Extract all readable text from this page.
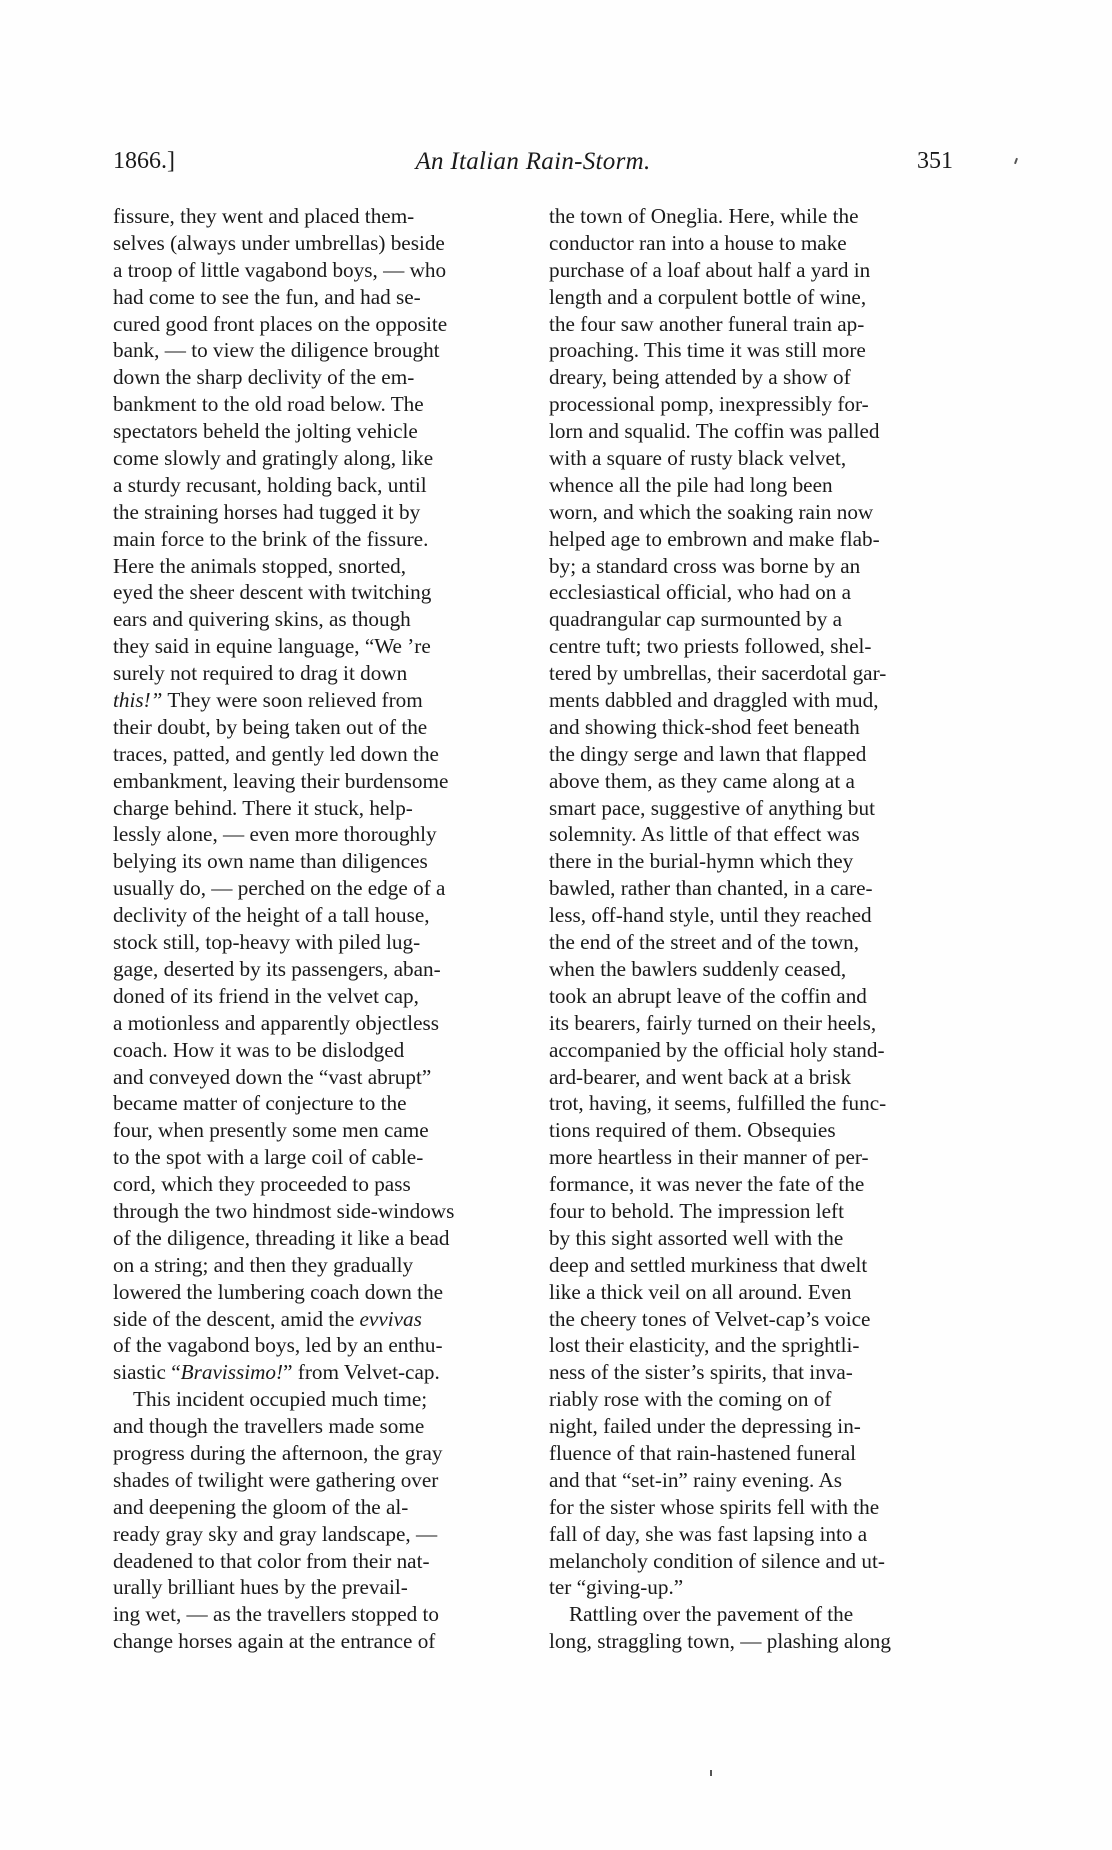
1866.]	An Italian Rain-Storm.	351
fissure, they went and placed them-
selves (always under umbrellas) beside
a troop of little vagabond boys, — who
had come to see the fun, and had se-
cured good front places on the opposite
bank, — to view the diligence brought
down the sharp declivity of the em-
bankment to the old road below. The
spectators beheld the jolting vehicle
come slowly and gratingly along, like
a sturdy recusant, holding back, until
the straining horses had tugged it by
main force to the brink of the fissure.
Here the animals stopped, snorted,
eyed the sheer descent with twitching
ears and quivering skins, as though
they said in equine language, “We ’re
surely not required to drag it down
this!” They were soon relieved from
their doubt, by being taken out of the
traces, patted, and gently led down the
embankment, leaving their burdensome
charge behind. There it stuck, help-
lessly alone, — even more thoroughly
belying its own name than diligences
usually do, — perched on the edge of a
declivity of the height of a tall house,
stock still, top-heavy with piled lug-
gage, deserted by its passengers, aban-
doned of its friend in the velvet cap,
a motionless and apparently objectless
coach. How it was to be dislodged
and conveyed down the “vast abrupt”
became matter of conjecture to the
four, when presently some men came
to the spot with a large coil of cable-
cord, which they proceeded to pass
through the two hindmost side-windows
of the diligence, threading it like a bead
on a string; and then they gradually
lowered the lumbering coach down the
side of the descent, amid the evvivas
of the vagabond boys, led by an enthu-
siastic “Bravissimo!” from Velvet-cap.
This incident occupied much time;
and though the travellers made some
progress during the afternoon, the gray
shades of twilight were gathering over
and deepening the gloom of the al-
ready gray sky and gray landscape, —
deadened to that color from their nat-
urally brilliant hues by the prevail-
ing wet, — as the travellers stopped to
change horses again at the entrance of
the town of Oneglia. Here, while the
conductor ran into a house to make
purchase of a loaf about half a yard in
length and a corpulent bottle of wine,
the four saw another funeral train ap-
proaching. This time it was still more
dreary, being attended by a show of
processional pomp, inexpressibly for-
lorn and squalid. The coffin was palled
with a square of rusty black velvet,
whence all the pile had long been
worn, and which the soaking rain now
helped age to embrown and make flab-
by; a standard cross was borne by an
ecclesiastical official, who had on a
quadrangular cap surmounted by a
centre tuft; two priests followed, shel-
tered by umbrellas, their sacerdotal gar-
ments dabbled and draggled with mud,
and showing thick-shod feet beneath
the dingy serge and lawn that flapped
above them, as they came along at a
smart pace, suggestive of anything but
solemnity. As little of that effect was
there in the burial-hymn which they
bawled, rather than chanted, in a care-
less, off-hand style, until they reached
the end of the street and of the town,
when the bawlers suddenly ceased,
took an abrupt leave of the coffin and
its bearers, fairly turned on their heels,
accompanied by the official holy stand-
ard-bearer, and went back at a brisk
trot, having, it seems, fulfilled the func-
tions required of them. Obsequies
more heartless in their manner of per-
formance, it was never the fate of the
four to behold. The impression left
by this sight assorted well with the
deep and settled murkiness that dwelt
like a thick veil on all around. Even
the cheery tones of Velvet-cap’s voice
lost their elasticity, and the sprightli-
ness of the sister’s spirits, that inva-
riably rose with the coming on of
night, failed under the depressing in-
fluence of that rain-hastened funeral
and that “set-in” rainy evening. As
for the sister whose spirits fell with the
fall of day, she was fast lapsing into a
melancholy condition of silence and ut-
ter “giving-up.”
Rattling over the pavement of the
long, straggling town, — plashing along
